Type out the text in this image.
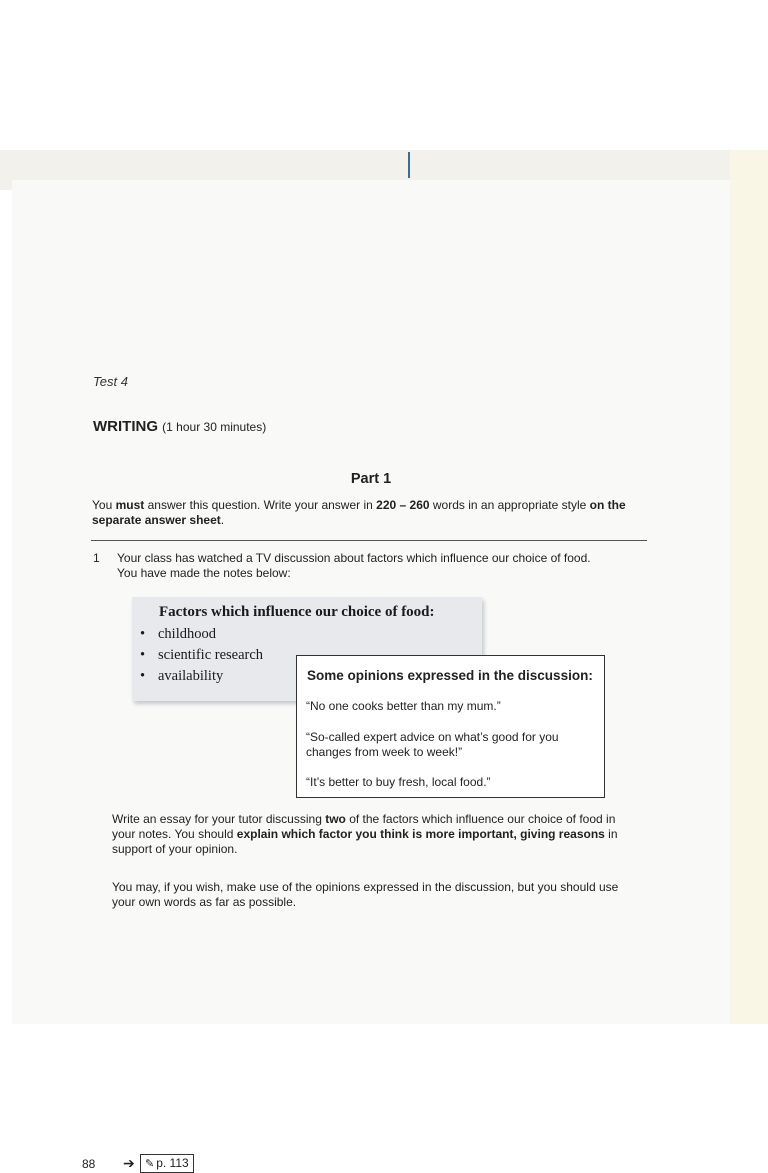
Test 4
WRITING (1 hour 30 minutes)
Part 1
You must answer this question. Write your answer in 220 – 260 words in an appropriate style on the separate answer sheet.
1 Your class has watched a TV discussion about factors which influence our choice of food.
You have made the notes below:
Factors which influence our choice of food:
• childhood
• scientific research
• availability	Some opinions expressed in the discussion:
“No one cooks better than my mum.”
“So-called expert advice on what’s good for you changes from week to week!”
“It’s better to buy fresh, local food.”
Write an essay for your tutor discussing two of the factors which influence our choice of food in your notes. You should explain which factor you think is more important, giving reasons in support of your opinion.
You may, if you wish, make use of the opinions expressed in the discussion, but you should use your own words as far as possible.
88 ➔ ✎ p. 113
